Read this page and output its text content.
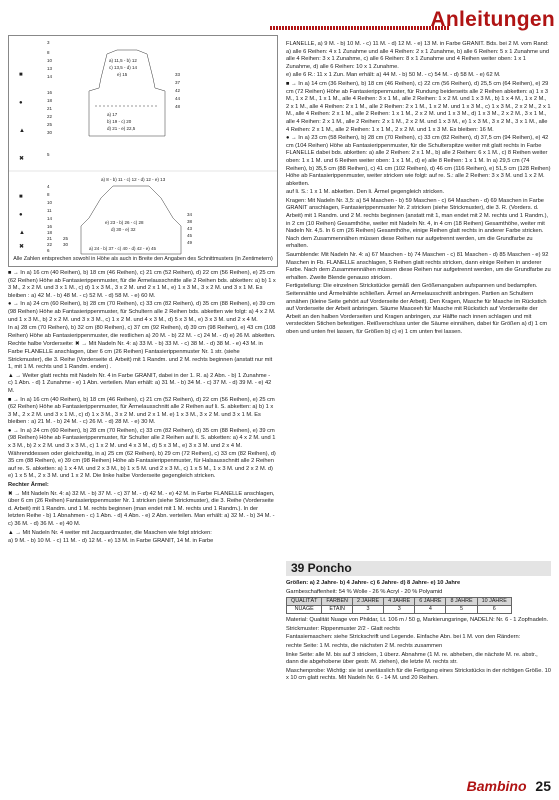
Anleitungen
3
8
10
13
14
16
18
21
22
25
30
5
a) 11,5 - b) 12
c) 13,5 - d) 14
e) 15
a) 17
b) 19 - c) 20
d) 21 - e) 22,5
33
37
42
44
48
■
●
▲
✖
a) 8 - b) 11 - c) 12 - d) 12 - e) 13
4
8
10
11
14
16
18
21
22
25
30
6
e) 23 - b) 26 - c) 28
d) 30 - e) 32
a) 24 - b) 37 - c) 40 - d) 42 - e) 45
34
38
43
45
49
■
●
▲
✖
Alle Zahlen entsprechen sowohl in Höhe als auch in Breite den Angaben des Schnittmusters (in Zentimetern)

■ → In a) 16 cm (40 Reihen), b) 18 cm (46 Reihen), c) 21 cm (52 Reihen), d) 22 cm (56 Reihen), e) 25 cm (62 Reihen) Höhe ab Fantasierippenmuster, für die Ärmelausschnitte alle 2 Reihen bds. abketten: a) b) 1 x 3 M., 2 x 2 M. und 3 x 1 M., c) d) 1 x 3 M., 3 x 2 M. und 2 x 1 M., e) 1 x 3 M., 3 x 2 M. und 3 x 1 M. Es bleiben : a) 42 M. - b) 48 M. - c) 52 M. - d) 58 M. - e) 60 M.

● → In a) 24 cm (60 Reihen), b) 28 cm (70 Reihen), c) 33 cm (82 Reihen), d) 35 cm (88 Reihen), e) 39 cm (98 Reihen) Höhe ab Fantasierippenmuster, für Schultern alle 2 Reihen bds. abketten wie folgt: a) 4 x 2 M. und 1 x 3 M., b) 2 x 2 M. und 3 x 3 M., c) 1 x 2 M. und 4 x 3 M., d) 5 x 3 M., e) 3 x 3 M. und 2 x 4 M.

In a) 28 cm (70 Reihen), b) 32 cm (80 Reihen), c) 37 cm (92 Reihen), d) 39 cm (98 Reihen), e) 43 cm (108 Reihen) Höhe ab Fantasierippenmuster, die restlichen a) 20 M. - b) 22 M. - c) 24 M. - d) e) 26 M. abketten.

Rechte halbe Vorderseite: ✖ → Mit Nadeln Nr. 4: a) 33 M. - b) 33 M. - c) 38 M. - d) 38 M. - e) 43 M. in Farbe FLANELLE anschlagen, über 6 cm (26 Reihen) Fantasierippenmuster Nr. 1 str. (siehe Strickmuster), die 3. Reihe (Vorderseite d. Arbeit) mit 1 Randm. und 2 M. rechts beginnen (anstatt nur mit 1, mit 1 M. rechts und 1 Randm. enden) .

▲ → Weiter glatt rechts mit Nadeln Nr. 4 in Farbe GRANIT, dabei in der 1. R. a) 2 Abn. - b) 1 Zunahme - c) 1 Abn. - d) 1 Zunahme - e) 1 Abn. verteilen. Man erhält: a) 31 M. - b) 34 M. - c) 37 M. - d) 39 M. - e) 42 M.

■ → In a) 16 cm (40 Reihen), b) 18 cm (46 Reihen), c) 21 cm (52 Reihen), d) 22 cm (56 Reihen), e) 25 cm (62 Reihen) Höhe ab Fantasierippenmuster, für Ärmelausschnitt alle 2 Reihen auf li. S. abketten: a) b) 1 x 3 M., 2 x 2 M. und 3 x 1 M., c) d) 1 x 3 M., 3 x 2 M. und 2 x 1 M. e) 1 x 3 M., 3 x 2 M. und 3 x 1 M. Es bleiben : a) 21 M. - b) 24 M. - c) 26 M. - d) 28 M. - e) 30 M.

● → In a) 24 cm (60 Reihen), b) 28 cm (70 Reihen), c) 33 cm (82 Reihen), d) 35 cm (88 Reihen), e) 39 cm (98 Reihen) Höhe ab Fantasierippenmuster, für Schulter alle 2 Reihen auf li. S. abketten: a) 4 x 2 M. und 1 x 3 M., b) 2 x 2 M. und 3 x 3 M., c) 1 x 2 M. und 4 x 3 M., d) 5 x 3 M., e) 3 x 3 M. und 2 x 4 M. Währenddessen oder gleichzeitig, in a) 25 cm (62 Reihen), b) 29 cm (72 Reihen), c) 33 cm (82 Reihen), d) 35 cm (88 Reihen), e) 39 cm (98 Reihen) Höhe ab Fantasierippenmuster, für Halsausschnitt alle 2 Reihen auf re. S. abketten: a) 1 x 4 M. und 2 x 3 M., b) 1 x 5 M. und 2 x 3 M., c) 1 x 5 M., 1 x 3 M. und 2 x 2 M. d) e) 1 x 5 M., 2 x 3 M. und 1 x 2 M. Die linke halbe Vorderseite gegengleich stricken.

Rechter Ärmel:

✖ → Mit Nadeln Nr. 4: a) 32 M. - b) 37 M. - c) 37 M. - d) 42 M. - e) 42 M. in Farbe FLANELLE anschlagen, über 6 cm (26 Reihen) Fantasierippenmuster Nr. 1 stricken (siehe Strickmuster), die 3. Reihe (Vorderseite d. Arbeit) mit 1 Randm. und 1 M. rechts beginnen (man endet mit 1 M. rechts und 1 Randm.). In der letzten Reihe - b) 1 Abnahmen - c) 1 Abn. - d) 4 Abn. - e) 2 Abn. verteilen. Man erhält: a) 32 M. - b) 34 M. - c) 36 M. - d) 36 M. - e) 40 M.

▲ → Mit Nadeln Nr. 4 weiter mit Jacquardmuster, die Maschen wie folgt stricken:

a) 9 M. - b) 10 M. - c) 11 M. - d) 12 M. - e) 13 M. in Farbe GRANIT, 14 M. in Farbe

FLANELLE, a) 9 M. - b) 10 M. - c) 11 M. - d) 12 M. - e) 13 M. in Farbe GRANIT. Bds. bei 2 M. vom Rand: a) alle 6 Reihen: 4 x 1 Zunahme und alle 4 Reihen: 2 x 1 Zunahme, b) alle 6 Reihen: 5 x 1 Zunahme und alle 4 Reihen: 3 x 1 Zunahme, c) alle 6 Reihen: 8 x 1 Zunahme und 4 Reihen weiter oben: 1 x 1 Zunahme, d) alle 6 Reihen: 10 x 1 Zunahme.

e) alle 6 R.: 11 x 1 Zun. Man erhält: a) 44 M. - b) 50 M. - c) 54 M. - d) 58 M. - e) 62 M.

■ → In a) 14 cm (36 Reihen), b) 18 cm (46 Reihen), c) 22 cm (56 Reihen), d) 25,5 cm (64 Reihen), e) 29 cm (72 Reihen) Höhe ab Fantasierippenmuster, für Rundung beiderseits alle 2 Reihen abketten: a) 1 x 3 M., 1 x 2 M., 1 x 1 M., alle 4 Reihen: 3 x 1 M., alle 2 Reihen: 1 x 2 M. und 1 x 3 M., b) 1 x 4 M., 1 x 2 M., 2 x 1 M., alle 4 Reihen: 2 x 1 M., alle 2 Reihen: 2 x 1 M., 1 x 2 M. und 1 x 3 M., c) 1 x 3 M., 2 x 2 M., 2 x 1 M., alle 4 Reihen: 2 x 1 M., alle 2 Reihen: 1 x 1 M., 2 x 2 M. und 1 x 3 M., d) 1 x 3 M., 2 x 2 M., 3 x 1 M., alle 4 Reihen: 2 x 1 M., alle 2 Reihen: 2 x 1 M., 2 x 2 M. und 1 x 3 M., e) 1 x 3 M., 3 x 2 M., 3 x 1 M., alle 4 Reihen: 2 x 1 M., alle 2 Reihen: 1 x 1 M., 2 x 2 M. und 1 x 3 M. Es bleiben: 16 M.

● → In a) 23 cm (58 Reihen), b) 28 cm (70 Reihen), c) 33 cm (82 Reihen), d) 37,5 cm (94 Reihen), e) 42 cm (104 Reihen) Höhe ab Fantasierippenmuster, für die Schulterspitze weiter mit glatt rechts in Farbe FLANELLE dabei bds. abketten: a) alle 2 Reihen: 2 x 1 M., b) alle 2 Reihen: 6 x 1 M., c) 8 Reihen weiter oben: 1 x 1 M. und 6 Reihen weiter oben: 1 x 1 M., d) e) alle 8 Reihen: 1 x 1 M. In a) 29,5 cm (74 Reihen), b) 35,5 cm (88 Reihen), c) 41 cm (102 Reihen), d) 46 cm (116 Reihen), e) 51,5 cm (128 Reihen) Höhe ab Fantasierippenmuster, weiter stricken wie folgt: auf re. S.: alle 2 Reihen: 3 x 3 M. und 1 x 2 M. abketten.

auf li. S.: 1 x 1 M. abketten. Den li. Ärmel gegengleich stricken.

Kragen: Mit Nadeln Nr. 3,5: a) 54 Maschen - b) 59 Maschen - c) 64 Maschen - d) 69 Maschen in Farbe GRANIT anschlagen, Fantasierippenmuster Nr. 2 stricken (siehe Strickmuster), die 3. R. (Vorders. d. Arbeit) mit 1 Randm. und 2 M. rechts beginnen (anstatt mit 1, man endet mit 2 M. rechts und 1 Randm.), in 2 cm (10 Reihen) Gesamthöhe, weiter mit Nadeln Nr. 4, in 4 cm (18 Reihen) Gesamthöhe, weiter mit Nadeln Nr. 4,5. In 6 cm (26 Reihen) Gesamthöhe, einige Reihen glatt rechts in anderer Farbe stricken. Nach dem Zusammennähen müssen diese Reihen nur aufgetrennt werden, um die Grundfarbe zu erhalten.

Saumblende: Mit Nadeln Nr. 4: a) 67 Maschen - b) 74 Maschen - c) 81 Maschen - d) 85 Maschen - e) 92 Maschen in Fb. FLANELLE anschlagen, 5 Reihen glatt rechts stricken, dann einige Reihen in anderer Farbe. Nach dem Zusammennähen müssen diese Reihen nur aufgetrennt werden, um die Grundfarbe zu erhalten. Zweite Blende genauso stricken.

Fertigstellung: Die einzelnen Strickstücke gemäß den Größenangaben aufspannen und bedampfen. Seitennähte und Ärmelnähte schließen. Ärmel an Armelausschnitt anbringen. Partien an Schultern annähen (kleine Seite gehört auf Vorderseite der Arbeit). Den Kragen, Masche für Masche im Rückstich auf Vorderseite der Arbeit anbringen. Säume Masceeh für Masche mit Rückstich auf Vorderseite der Arbeit an den halben Vorderseiten und Kragen anbringen, zur Hälfte nach innen schlagen und mit versteckten Stichen befestigen. Reißverschluss unter die Säume einnähen, dabei für Größen a) d) 1 cm oben und unten frei lassen, für Größen b) c) e) 1 cm unten frei lassen.

39 Poncho

Größen: a) 2 Jahre- b) 4 Jahre- c) 6 Jahre- d) 8 Jahre- e) 10 Jahre

Garnbeschaffenheit: 54 % Wolle - 26 % Acryl - 20 % Polyamid

QUALITÄT	FARBEN	2 JAHRE	4 JAHRE	6 JAHRE	8 JAHRE	10 JAHRE
NUAGE	ETAIN	3	3	4	5	6

Material: Qualität Nuage von Phildar, Lt. 106 m / 50 g, Markierungsringe, NADELN: Nr. 6 - 1 Zopfnadeln.

Strickmuster: Rippenmuster 2/2 - Glatt rechts

Fantasiemaschen: siehe Strickschrift und Legende. Einfache Abn. bei 1 M. von den Rändern:

rechte Seite: 1 M. rechts, die nächsten 2 M. rechts zusammen

linke Seite: alle M. bis auf 3 stricken, 1 überz. Abnahme (1 M. re. abheben, die nächste M. re. abstr., dann die abgehobene über gestr. M. ziehen), die letzte M. rechts str.

Maschenprobe: Wichtig: sie ist unerlässlich für die Fertigung eines Strickstücks in der richtigen Größe. 10 x 10 cm glatt rechts. Mit Nadeln Nr. 6 - 14 M. und 20 Reihen.

Bambino 25
